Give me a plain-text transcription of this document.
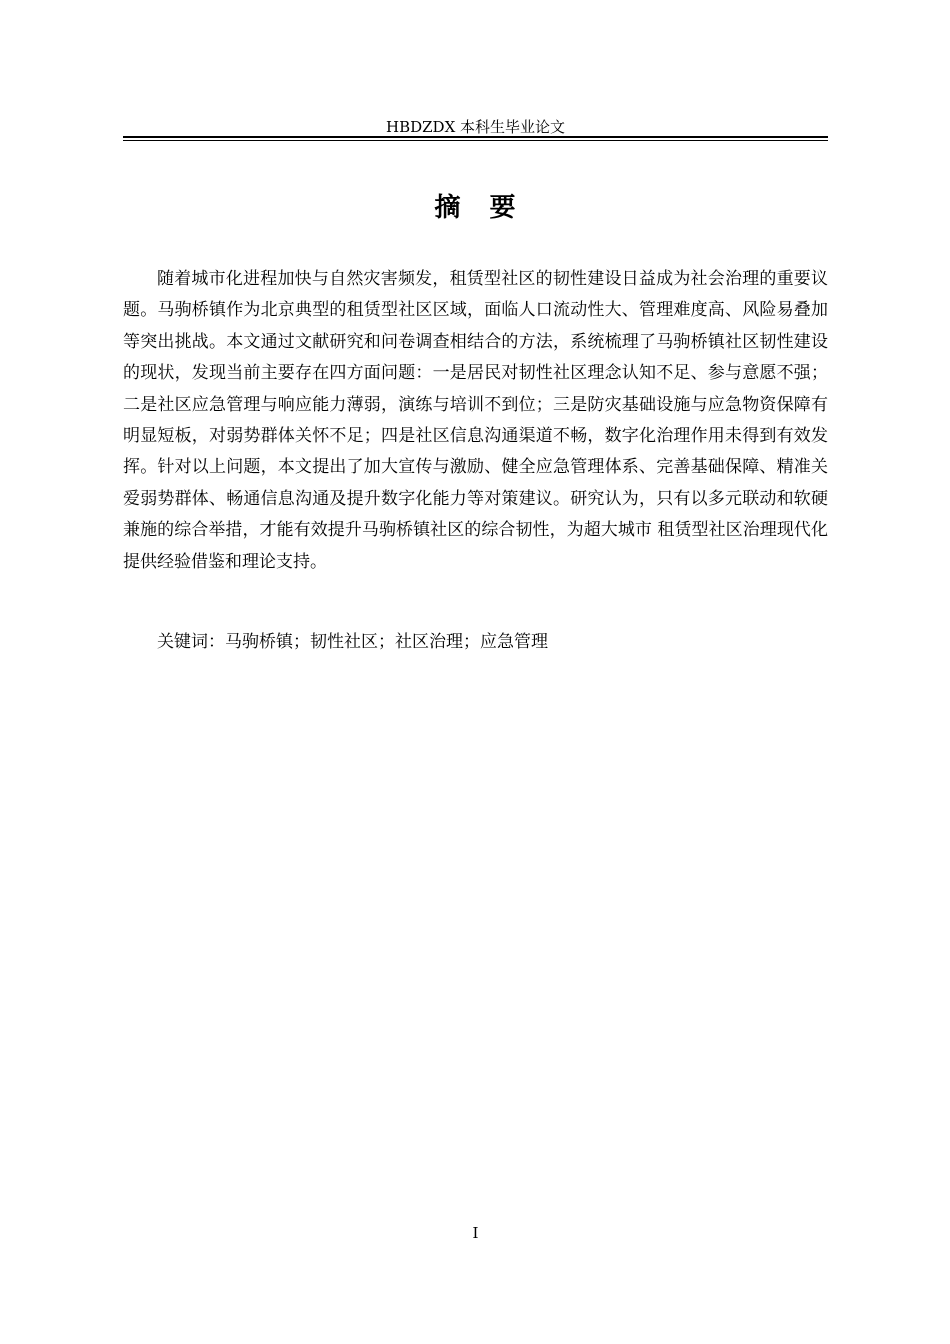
HBDZDX 本科生毕业论文
摘 要

随着城市化进程加快与自然灾害频发，租赁型社区的韧性建设日益成为社会治理的重要议题。马驹桥镇作为北京典型的租赁型社区区域，面临人口流动性大、管理难度高、风险易叠加等突出挑战。本文通过文献研究和问卷调查相结合的方法，系统梳理了马驹桥镇社区韧性建设的现状，发现当前主要存在四方面问题：一是居民对韧性社区理念认知不足、参与意愿不强；二是社区应急管理与响应能力薄弱，演练与培训不到位；三是防灾基础设施与应急物资保障有明显短板，对弱势群体关怀不足；四是社区信息沟通渠道不畅，数字化治理作用未得到有效发挥。针对以上问题，本文提出了加大宣传与激励、健全应急管理体系、完善基础保障、精准关爱弱势群体、畅通信息沟通及提升数字化能力等对策建议。研究认为，只有以多元联动和软硬兼施的综合举措，才能有效提升马驹桥镇社区的综合韧性，为超大城市 租赁型社区治理现代化提供经验借鉴和理论支持。

关键词：马驹桥镇；韧性社区；社区治理；应急管理

I
